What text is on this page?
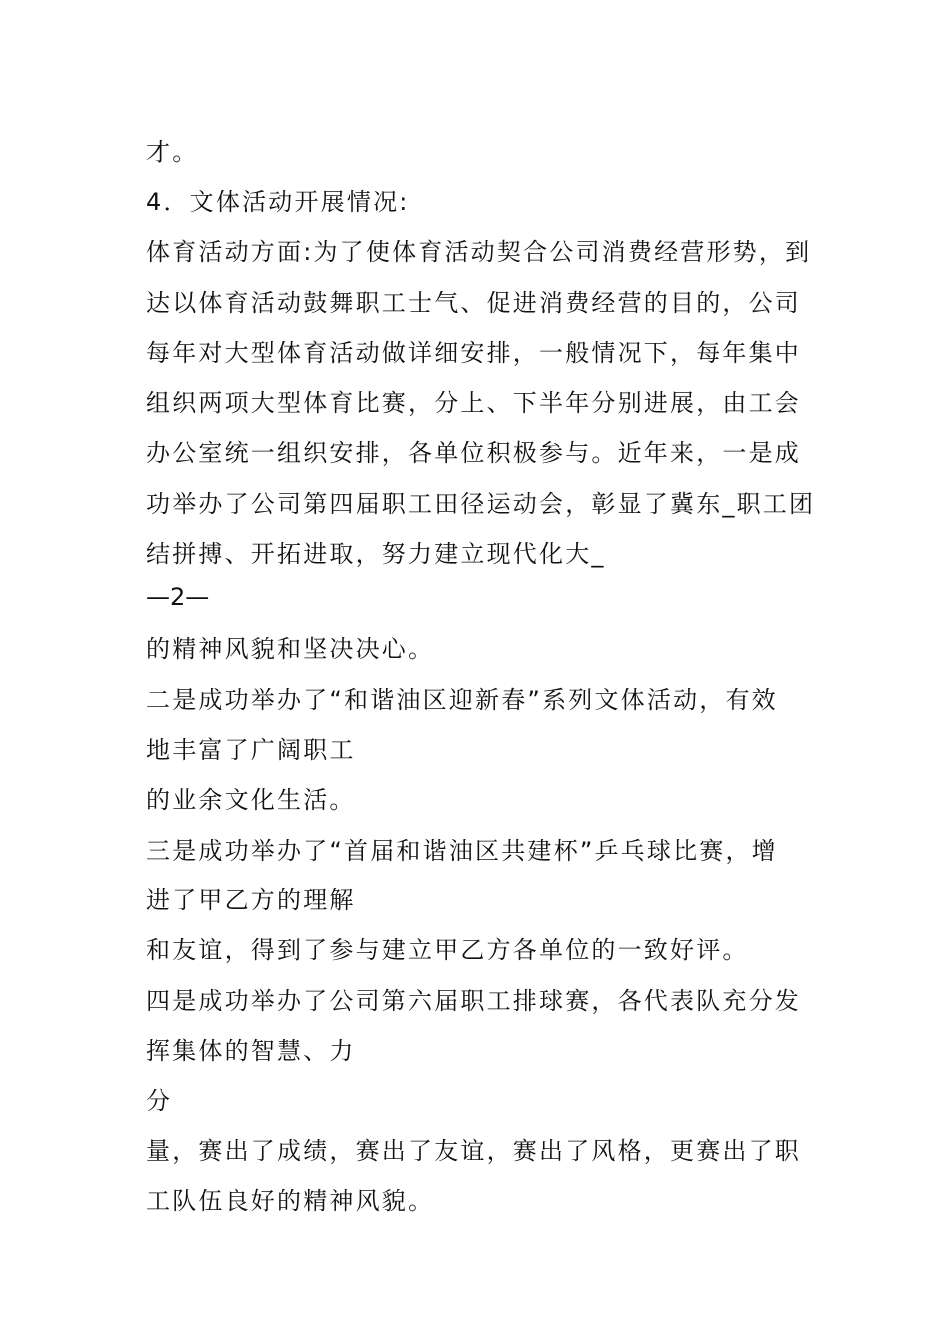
才。
4．文体活动开展情况:
体育活动方面:为了使体育活动契合公司消费经营形势，到
达以体育活动鼓舞职工士气、促进消费经营的目的，公司
每年对大型体育活动做详细安排，一般情况下，每年集中
组织两项大型体育比赛，分上、下半年分别进展，由工会
办公室统一组织安排，各单位积极参与。近年来，一是成
功举办了公司第四届职工田径运动会，彰显了冀东_职工团
结拼搏、开拓进取，努力建立现代化大_
—2—
的精神风貌和坚决决心。
二是成功举办了“和谐油区迎新春”系列文体活动，有效
地丰富了广阔职工
的业余文化生活。
三是成功举办了“首届和谐油区共建杯”乒乓球比赛，增
进了甲乙方的理解
和友谊，得到了参与建立甲乙方各单位的一致好评。
四是成功举办了公司第六届职工排球赛，各代表队充分发
挥集体的智慧、力
分
量，赛出了成绩，赛出了友谊，赛出了风格，更赛出了职
工队伍良好的精神风貌。
